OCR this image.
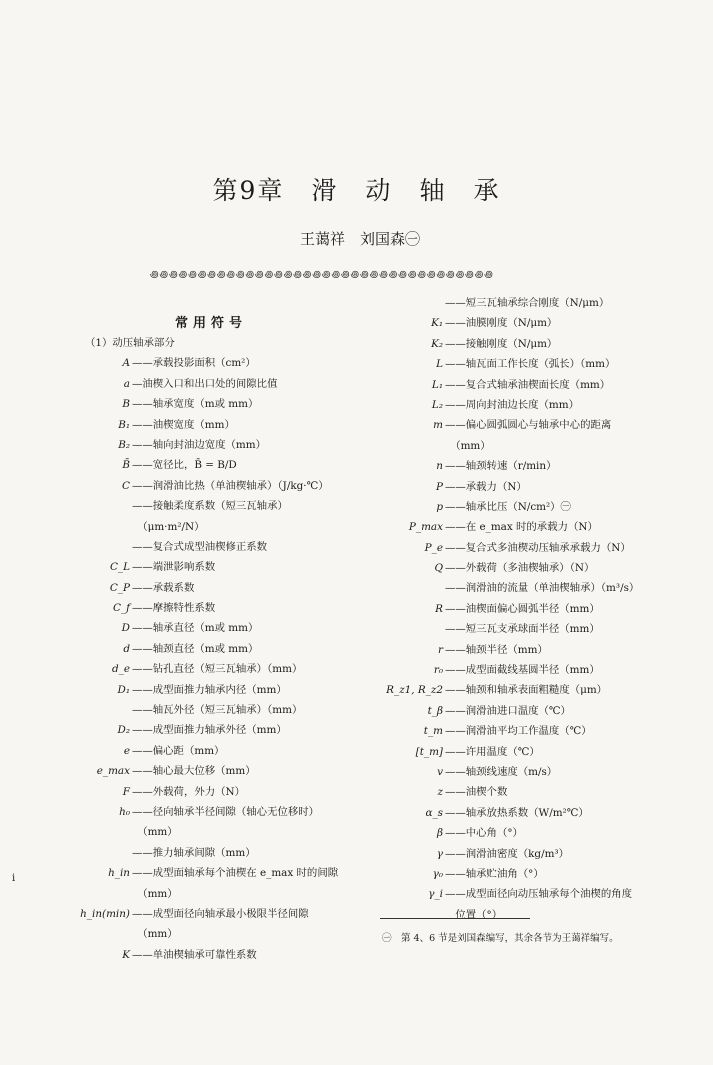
第9章　滑　动　轴　承
王蔼祥　刘国森㊀
꩜꩜꩜꩜꩜꩜꩜꩜꩜꩜꩜꩜꩜꩜꩜꩜꩜꩜꩜꩜꩜꩜꩜꩜꩜꩜꩜꩜꩜꩜꩜꩜꩜꩜꩜꩜
常用符号
（1）动压轴承部分
A ——承载投影面积（cm²）
a —油楔入口和出口处的间隙比值
B ——轴承宽度（m或 mm）
B₁ ——油楔宽度（mm）
B₂ ——轴向封油边宽度（mm）
B̄ ——宽径比，B̄ = B/D
C ——润滑油比热（单油楔轴承）（J/kg·℃）
——接触柔度系数（短三瓦轴承）
　（μm·m²/N）
——复合式成型油楔修正系数
C_L ——端泄影响系数
C_P ——承载系数
C_f ——摩擦特性系数
D ——轴承直径（m或 mm）
d ——轴颈直径（m或 mm）
d_e ——钻孔直径（短三瓦轴承）（mm）
D₁ ——成型面推力轴承内径（mm）
——轴瓦外径（短三瓦轴承）（mm）
D₂ ——成型面推力轴承外径（mm）
e ——偏心距（mm）
e_max ——轴心最大位移（mm）
F ——外载荷，外力（N）
h₀ ——径向轴承半径间隙（轴心无位移时）
　（mm）
——推力轴承间隙（mm）
h_in ——成型面轴承每个油楔在 e_max 时的间隙
　（mm）
h_in(min) ——成型面径向轴承最小极限半径间隙
　（mm）
K ——单油楔轴承可靠性系数
——短三瓦轴承综合刚度（N/μm）
K₁ ——油膜刚度（N/μm）
K₂ ——接触刚度（N/μm）
L ——轴瓦面工作长度（弧长）（mm）
L₁ ——复合式轴承油楔面长度（mm）
L₂ ——周向封油边长度（mm）
m ——偏心圆弧圆心与轴承中心的距离
　（mm）
n ——轴颈转速（r/min）
P ——承载力（N）
p ——轴承比压（N/cm²）㊀
P_max ——在 e_max 时的承载力（N）
P_e ——复合式多油楔动压轴承承载力（N）
Q ——外载荷（多油楔轴承）（N）
——润滑油的流量（单油楔轴承）（m³/s）
R ——油楔面偏心圆弧半径（mm）
——短三瓦支承球面半径（mm）
r ——轴颈半径（mm）
r₀ ——成型面截线基圆半径（mm）
R_z1, R_z2 ——轴颈和轴承表面粗糙度（μm）
t_β ——润滑油进口温度（℃）
t_m ——润滑油平均工作温度（℃）
[t_m] ——许用温度（℃）
v ——轴颈线速度（m/s）
z ——油楔个数
α_s ——轴承放热系数（W/m²℃）
β ——中心角（°）
γ ——润滑油密度（kg/m³）
γ₀ ——轴承贮油角（°）
γ_i ——成型面径向动压轴承每个油楔的角度
　位置（°）
㊀　第 4、6 节是刘国森编写，其余各节为王蔼祥编写。
i
